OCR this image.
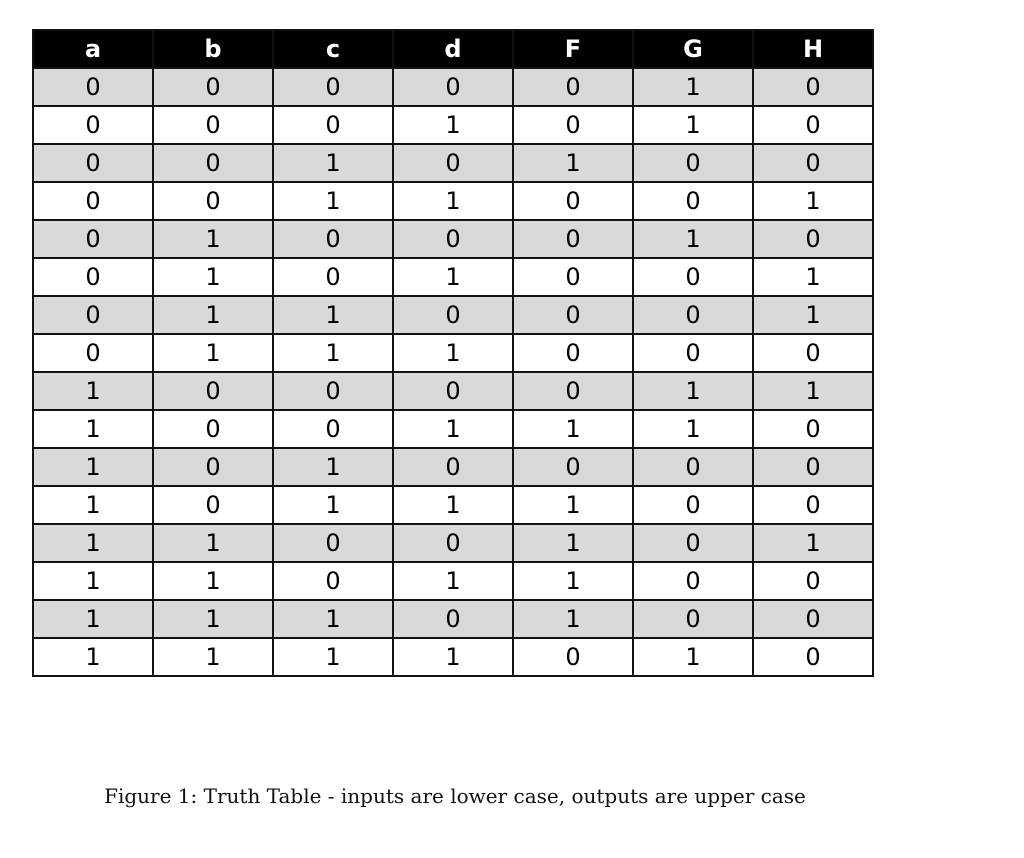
a	b	c	d	F	G	H
0	0	0	0	0	1	0
0	0	0	1	0	1	0
0	0	1	0	1	0	0
0	0	1	1	0	0	1
0	1	0	0	0	1	0
0	1	0	1	0	0	1
0	1	1	0	0	0	1
0	1	1	1	0	0	0
1	0	0	0	0	1	1
1	0	0	1	1	1	0
1	0	1	0	0	0	0
1	0	1	1	1	0	0
1	1	0	0	1	0	1
1	1	0	1	1	0	0
1	1	1	0	1	0	0
1	1	1	1	0	1	0
Figure 1: Truth Table - inputs are lower case, outputs are upper case
